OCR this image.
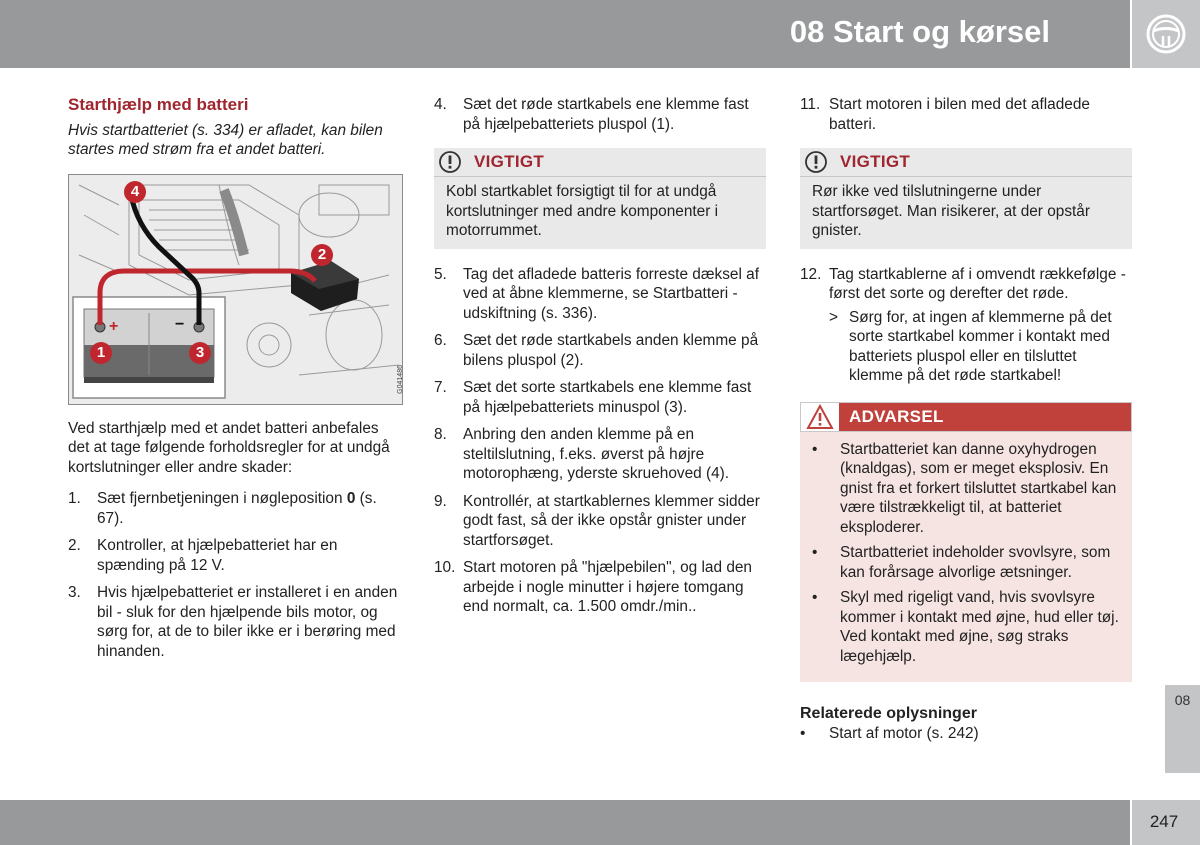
08 Start og kørsel
Starthjælp med batteri
Hvis startbatteriet (s. 334) er afladet, kan bilen startes med strøm fra et andet batteri.
4
2
1	3
+	−
G041486

Ved starthjælp med et andet batteri anbefales det at tage følgende forholdsregler for at undgå kortslutninger eller andre skader:

1.	Sæt fjernbetjeningen i nøgleposition 0 (s. 67).
2.	Kontroller, at hjælpebatteriet har en spænding på 12 V.
3.	Hvis hjælpebatteriet er installeret i en anden bil - sluk for den hjælpende bils motor, og sørg for, at de to biler ikke er i berøring med hinanden.
4.	Sæt det røde startkabels ene klemme fast på hjælpebatteriets pluspol (1).
VIGTIGT
Kobl startkablet forsigtigt til for at undgå kortslutninger med andre komponenter i motorrummet.
5.	Tag det afladede batteris forreste dæksel af ved at åbne klemmerne, se Startbatteri - udskiftning (s. 336).
6.	Sæt det røde startkabels anden klemme på bilens pluspol (2).
7.	Sæt det sorte startkabels ene klemme fast på hjælpebatteriets minuspol (3).
8.	Anbring den anden klemme på en steltilslutning, f.eks. øverst på højre motorophæng, yderste skruehoved (4).
9.	Kontrollér, at startkablernes klemmer sidder godt fast, så der ikke opstår gnister under startforsøget.
10. Start motoren på "hjælpebilen", og lad den arbejde i nogle minutter i højere tomgang end normalt, ca. 1.500 omdr./min..
11. Start motoren i bilen med det afladede batteri.
VIGTIGT
Rør ikke ved tilslutningerne under startforsøget. Man risikerer, at der opstår gnister.
12. Tag startkablerne af i omvendt rækkefølge - først det sorte og derefter det røde.
> Sørg for, at ingen af klemmerne på det sorte startkabel kommer i kontakt med batteriets pluspol eller en tilsluttet klemme på det røde startkabel!
ADVARSEL
•	Startbatteriet kan danne oxyhydrogen (knaldgas), som er meget eksplosiv. En gnist fra et forkert tilsluttet startkabel kan være tilstrækkeligt til, at batteriet eksploderer.
•	Startbatteriet indeholder svovlsyre, som kan forårsage alvorlige ætsninger.
•	Skyl med rigeligt vand, hvis svovlsyre kommer i kontakt med øjne, hud eller tøj. Ved kontakt med øjne, søg straks lægehjælp.
Relaterede oplysninger
•	Start af motor (s. 242)
08
247
